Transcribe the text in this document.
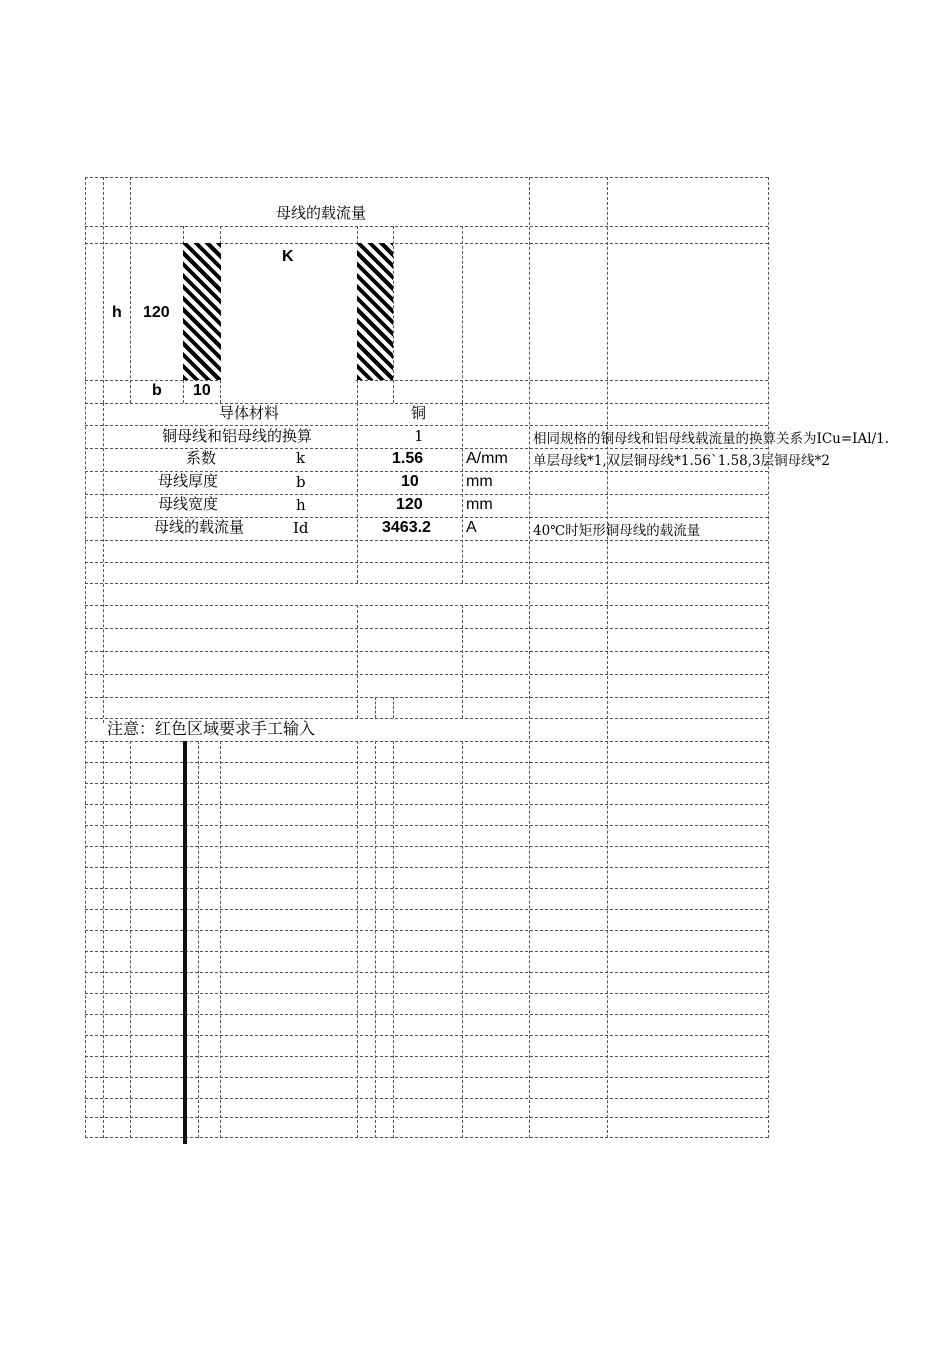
母线的载流量
K
h 120
b 10
导体材料	铜
铜母线和铝母线的换算	1
系数	k	1.56	A/mm
母线厚度	b	10	mm
母线宽度	h	120	mm
母线的载流量	Id	3463.2 A
相同规格的铜母线和铝母线载流量的换算关系为ICu=IAl/1.
单层母线*1,双层铜母线*1.56`1.58,3层铜母线*2
40℃时矩形铜母线的载流量
注意：红色区域要求手工输入
